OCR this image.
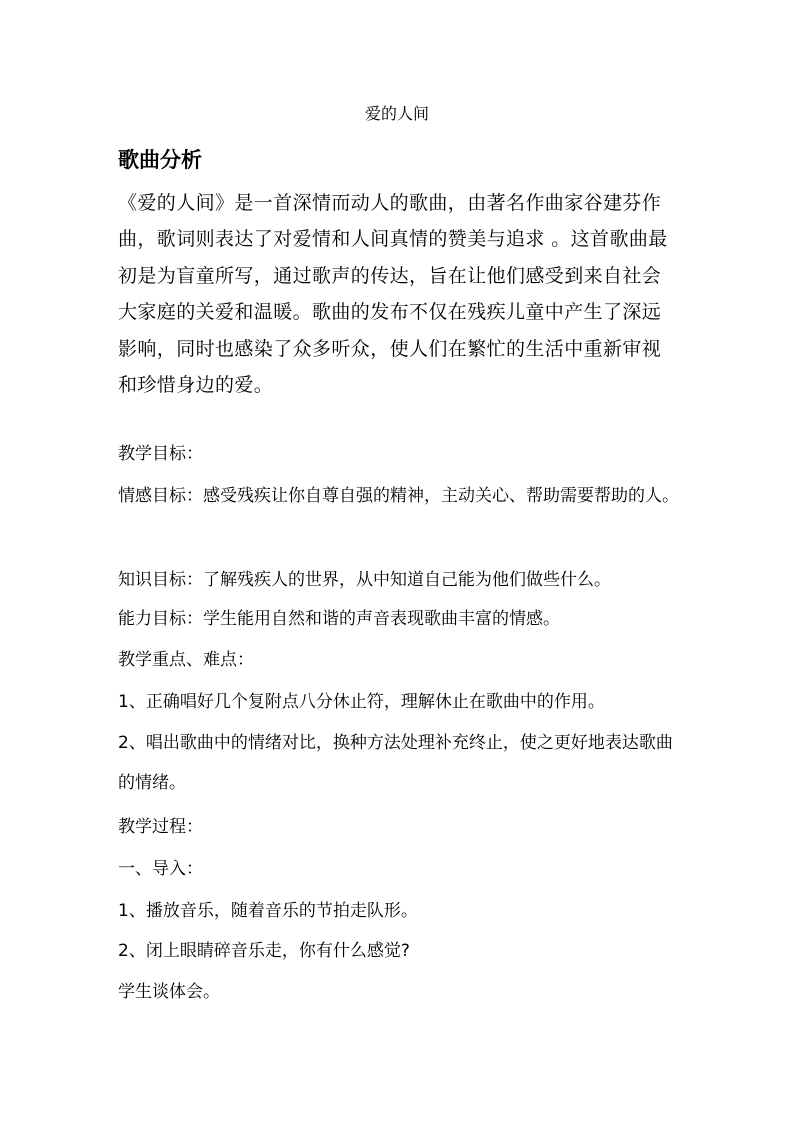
爱的人间
歌曲分析

《爱的人间》是一首深情而动人的歌曲，由著名作曲家谷建芬作曲，歌词则表达了对爱情和人间真情的赞美与追求 。这首歌曲最初是为盲童所写，通过歌声的传达，旨在让他们感受到来自社会大家庭的关爱和温暖。歌曲的发布不仅在残疾儿童中产生了深远影响，同时也感染了众多听众，使人们在繁忙的生活中重新审视和珍惜身边的爱。

教学目标：

情感目标：感受残疾让你自尊自强的精神，主动关心、帮助需要帮助的人。

知识目标：了解残疾人的世界，从中知道自己能为他们做些什么。
能力目标：学生能用自然和谐的声音表现歌曲丰富的情感。
教学重点、难点：
1、正确唱好几个复附点八分休止符，理解休止在歌曲中的作用。

2、唱出歌曲中的情绪对比，换种方法处理补充终止，使之更好地表达歌曲的情绪。

教学过程：
一、导入：
1、播放音乐，随着音乐的节拍走队形。
2、闭上眼睛碎音乐走，你有什么感觉?
学生谈体会。
